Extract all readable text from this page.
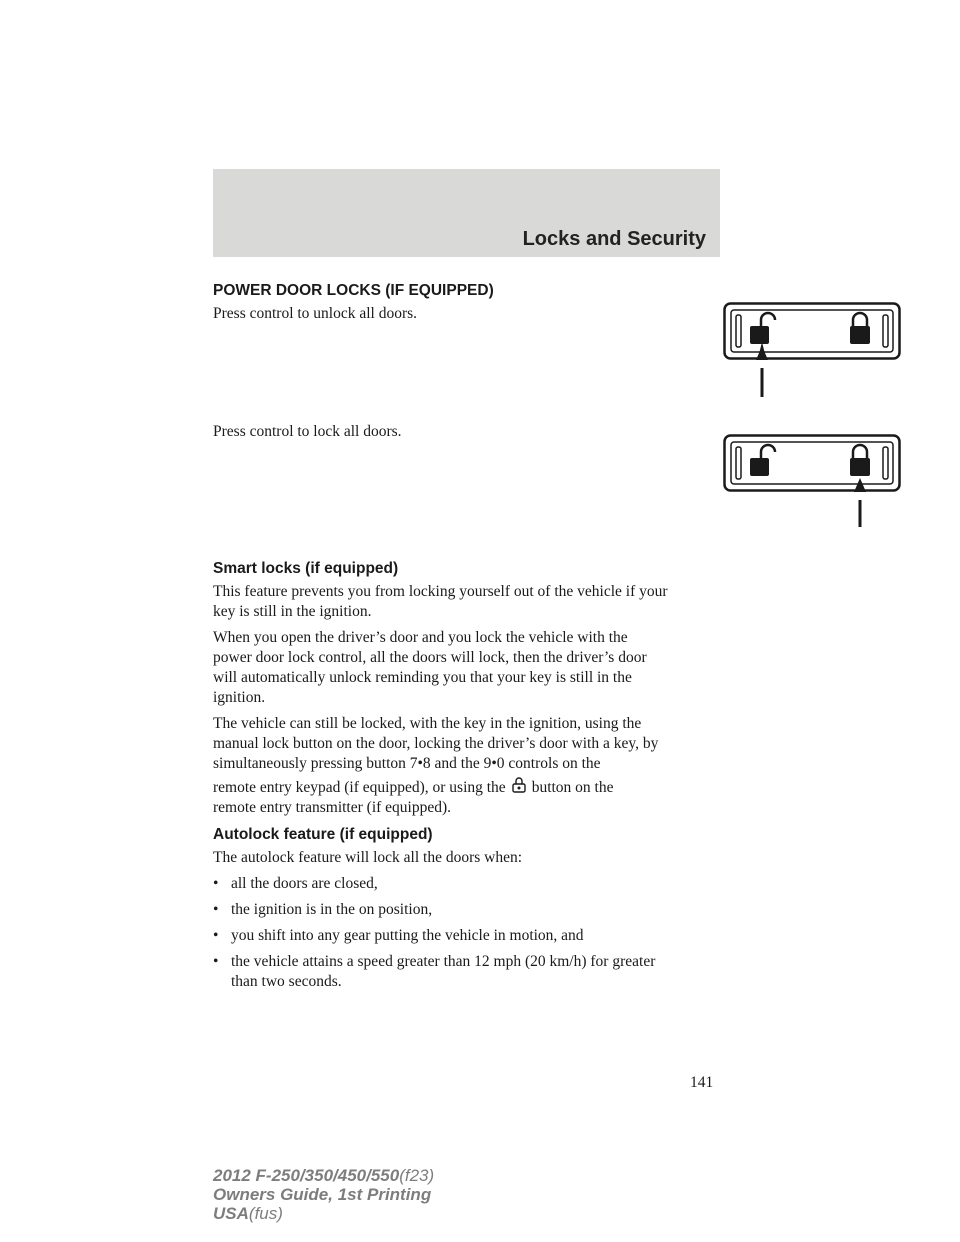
Locks and Security

POWER DOOR LOCKS (IF EQUIPPED)

Press control to unlock all doors.

Press control to lock all doors.

Smart locks (if equipped)

This feature prevents you from locking yourself out of the vehicle if your

key is still in the ignition.

When you open the driver’s door and you lock the vehicle with the

power door lock control, all the doors will lock, then the driver’s door

will automatically unlock reminding you that your key is still in the

ignition.

The vehicle can still be locked, with the key in the ignition, using the

manual lock button on the door, locking the driver’s door with a key, by

simultaneously pressing button 7•8 and the 9•0 controls on the

remote entry keypad (if equipped), or using the button on the

remote entry transmitter (if equipped).

Autolock feature (if equipped)

The autolock feature will lock all the doors when:

• all the doors are closed,
• the ignition is in the on position,
• you shift into any gear putting the vehicle in motion, and
• the vehicle attains a speed greater than 12 mph (20 km/h) for greater
than two seconds.
141
2012 F-250/350/450/550(f23)
Owners Guide, 1st Printing
USA(fus)
